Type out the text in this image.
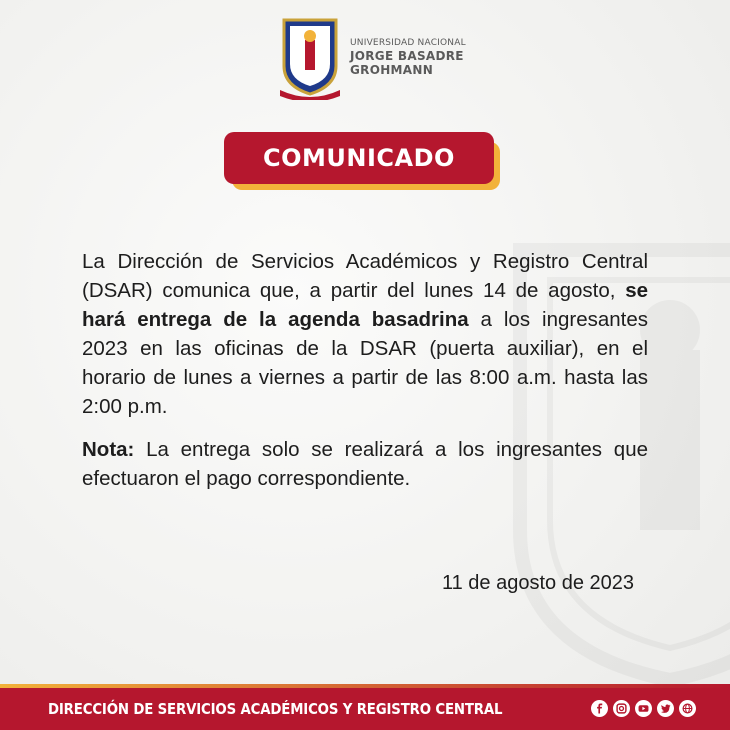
UNIVERSIDAD NACIONAL
JORGE BASADRE
GROHMANN
COMUNICADO

La Dirección de Servicios Académicos y Registro Central (DSAR) comunica que, a partir del lunes 14 de agosto, se hará entrega de la agenda basadrina a los ingresantes 2023 en las oficinas de la DSAR (puerta auxiliar), en el horario de lunes a viernes a partir de las 8:00 a.m. hasta las 2:00 p.m.

Nota: La entrega solo se realizará a los ingresantes que efectuaron el pago correspondiente.

11 de agosto de 2023
DIRECCIÓN DE SERVICIOS ACADÉMICOS Y REGISTRO CENTRAL
